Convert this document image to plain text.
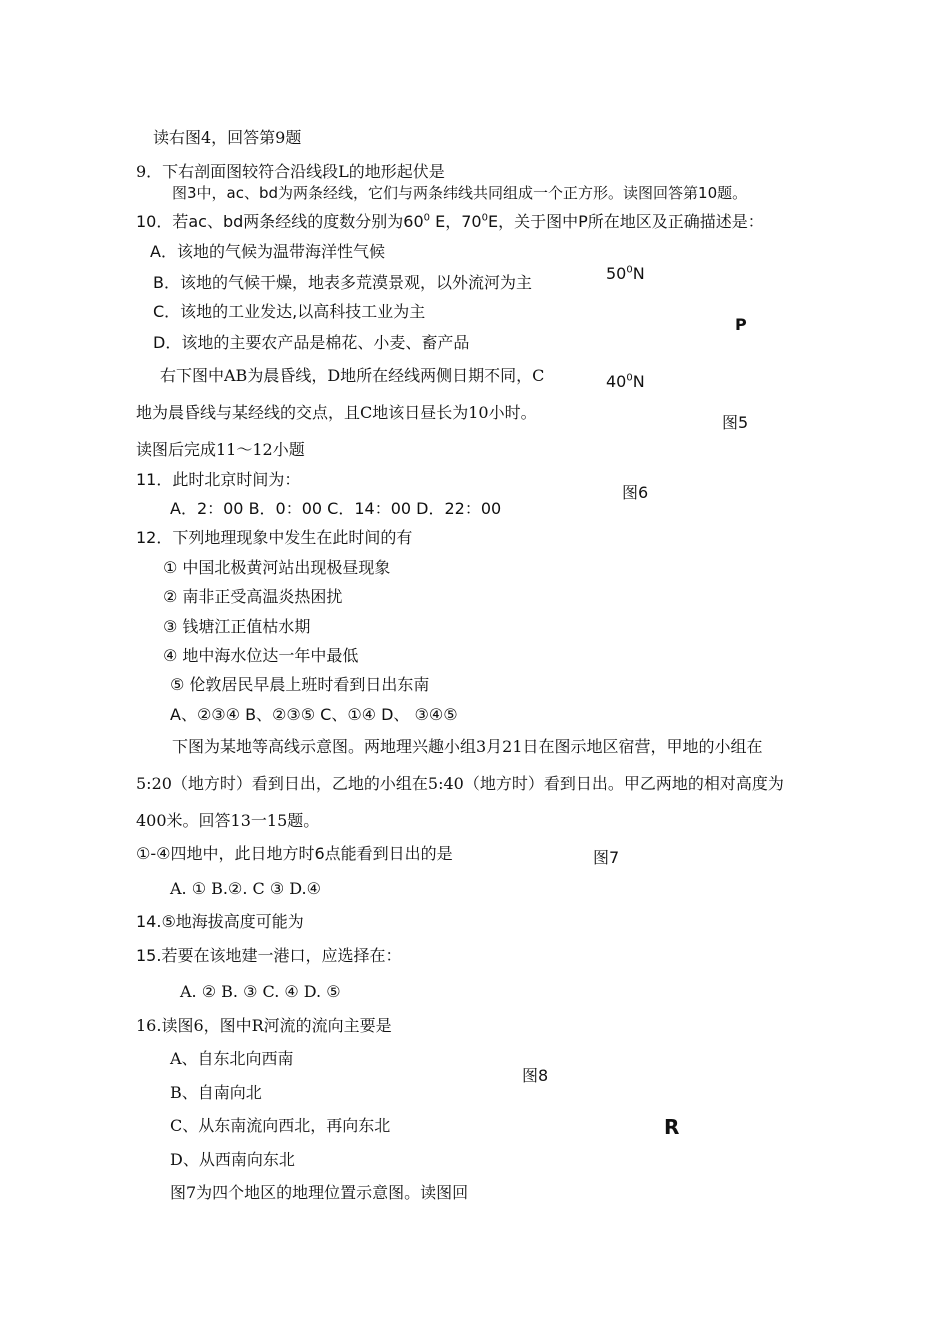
读右图4，回答第9题
9．下右剖面图较符合沿线段L的地形起伏是
图3中，ac、bd为两条经线，它们与两条纬线共同组成一个正方形。读图回答第10题。
10．若ac、bd两条经线的度数分别为$60^0$ E，$70^0E$，关于图中P所在地区及正确描述是：
A．该地的气候为温带海洋性气候
B．该地的气候干燥，地表多荒漠景观，以外流河为主
C．该地的工业发达,以高科技工业为主
D．该地的主要农产品是棉花、小麦、畜产品
右下图中AB为晨昏线，D地所在经线两侧日期不同，C
地为晨昏线与某经线的交点，且C地该日昼长为10小时。
读图后完成11～12小题
11．此时北京时间为：
A．2：00 B．0：00 C．14：00 D．22：00
12．下列地理现象中发生在此时间的有
① 中国北极黄河站出现极昼现象
② 南非正受高温炎热困扰
③ 钱塘江正值枯水期
④ 地中海水位达一年中最低
⑤ 伦敦居民早晨上班时看到日出东南
A、②③④ B、②③⑤ C、①④ D、 ③④⑤
下图为某地等高线示意图。两地理兴趣小组3月21日在图示地区宿营，甲地的小组在
5:20（地方时）看到日出，乙地的小组在5:40（地方时）看到日出。甲乙两地的相对高度为
400米。回答13一15题。
①-④四地中，此日地方时6点能看到日出的是
A. ① B.②. C ③ D.④
14.⑤地海拔高度可能为
15.若要在该地建一港口，应选择在：
A. ② B. ③ C. ④ D. ⑤
16.读图6，图中R河流的流向主要是
A、自东北向西南
B、自南向北
C、从东南流向西北，再向东北
D、从西南向东北
图7为四个地区的地理位置示意图。读图回
$50^0N$
P
$40^0N$
图5
图6
图7
图8
R
